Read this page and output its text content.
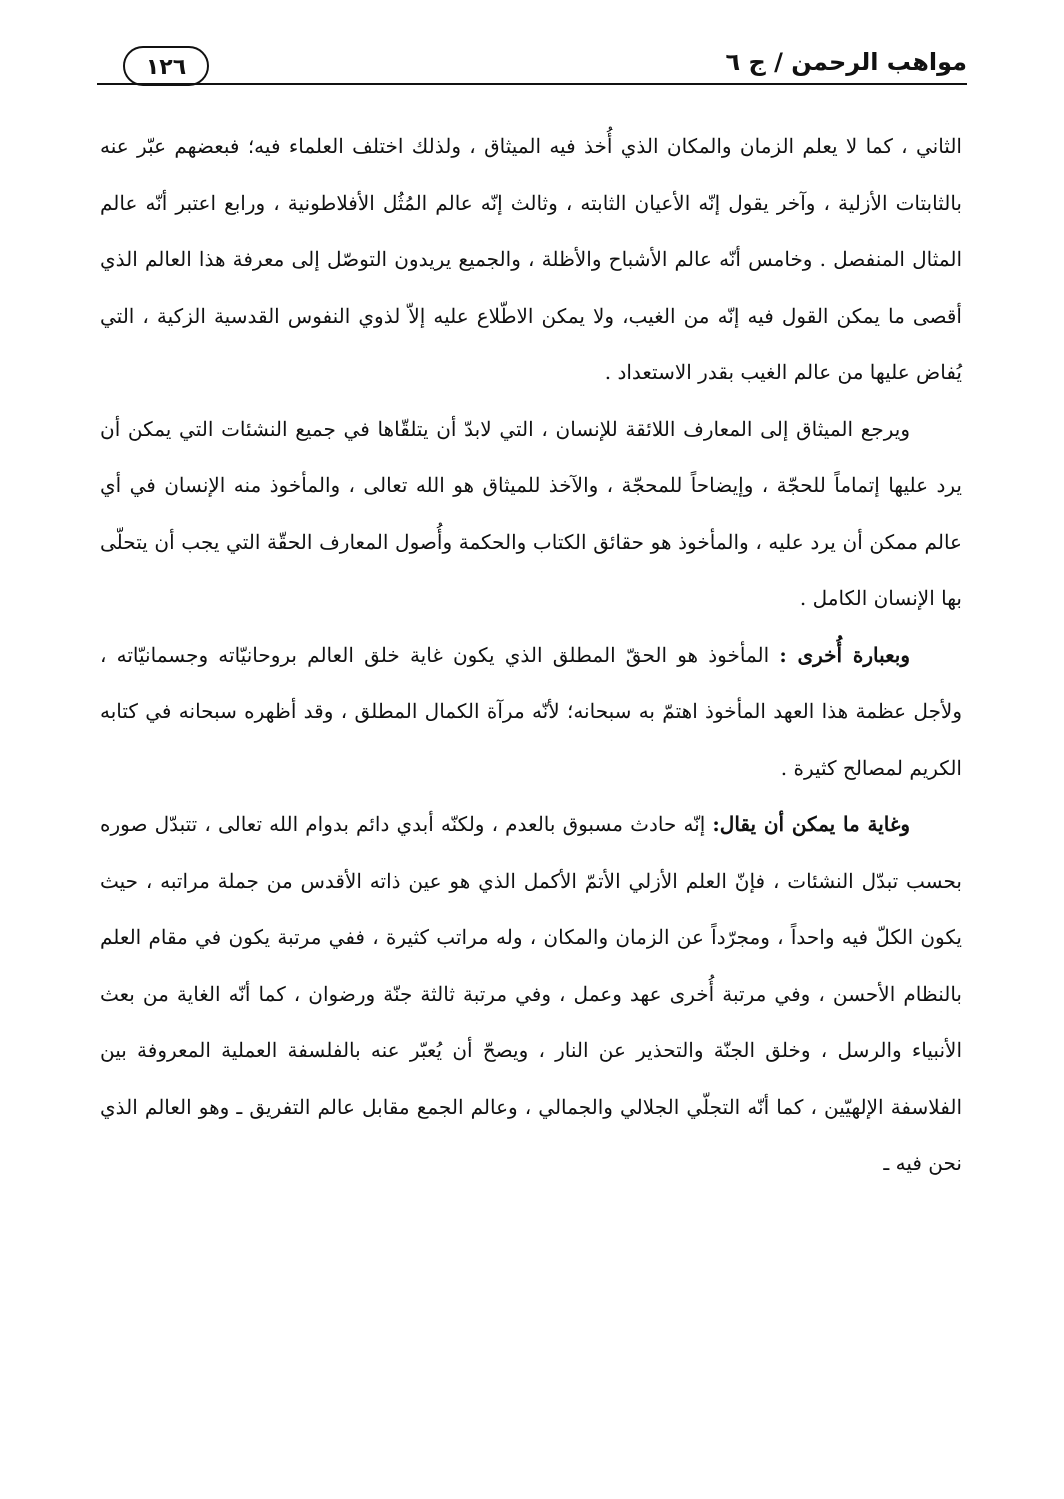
مواهب الرحمن / ج ٦
١٢٦

الثاني ، كما لا يعلم الزمان والمكان الذي أُخذ فيه الميثاق ، ولذلك اختلف العلماء فيه؛ فبعضهم عبّر عنه بالثابتات الأزلية ، وآخر يقول إنّه الأعيان الثابته ، وثالث إنّه عالم المُثُل الأفلاطونية ، ورابع اعتبر أنّه عالم المثال المنفصل . وخامس أنّه عالم الأشباح والأظلة ، والجميع يريدون التوصّل إلى معرفة هذا العالم الذي أقصى ما يمكن القول فيه إنّه من الغيب، ولا يمكن الاطّلاع عليه إلاّ لذوي النفوس القدسية الزكية ، التي يُفاض عليها من عالم الغيب بقدر الاستعداد .

ويرجع الميثاق إلى المعارف اللائقة للإنسان ، التي لابدّ أن يتلقّاها في جميع النشئات التي يمكن أن يرد عليها إتماماً للحجّة ، وإيضاحاً للمحجّة ، والآخذ للميثاق هو الله تعالى ، والمأخوذ منه الإنسان في أي عالم ممكن أن يرد عليه ، والمأخوذ هو حقائق الكتاب والحكمة وأُصول المعارف الحقّة التي يجب أن يتحلّى بها الإنسان الكامل .

وبعبارة أُخرى : المأخوذ هو الحقّ المطلق الذي يكون غاية خلق العالم بروحانيّاته وجسمانيّاته ، ولأجل عظمة هذا العهد المأخوذ اهتمّ به سبحانه؛ لأنّه مرآة الكمال المطلق ، وقد أظهره سبحانه في كتابه الكريم لمصالح كثيرة .

وغاية ما يمكن أن يقال: إنّه حادث مسبوق بالعدم ، ولكنّه أبدي دائم بدوام الله تعالى ، تتبدّل صوره بحسب تبدّل النشئات ، فإنّ العلم الأزلي الأتمّ الأكمل الذي هو عين ذاته الأقدس من جملة مراتبه ، حيث يكون الكلّ فيه واحداً ، ومجرّداً عن الزمان والمكان ، وله مراتب كثيرة ، ففي مرتبة يكون في مقام العلم بالنظام الأحسن ، وفي مرتبة أُخرى عهد وعمل ، وفي مرتبة ثالثة جنّة ورضوان ، كما أنّه الغاية من بعث الأنبياء والرسل ، وخلق الجنّة والتحذير عن النار ، ويصحّ أن يُعبّر عنه بالفلسفة العملية المعروفة بين الفلاسفة الإلهيّين ، كما أنّه التجلّي الجلالي والجمالي ، وعالم الجمع مقابل عالم التفريق ـ وهو العالم الذي نحن فيه ـ
